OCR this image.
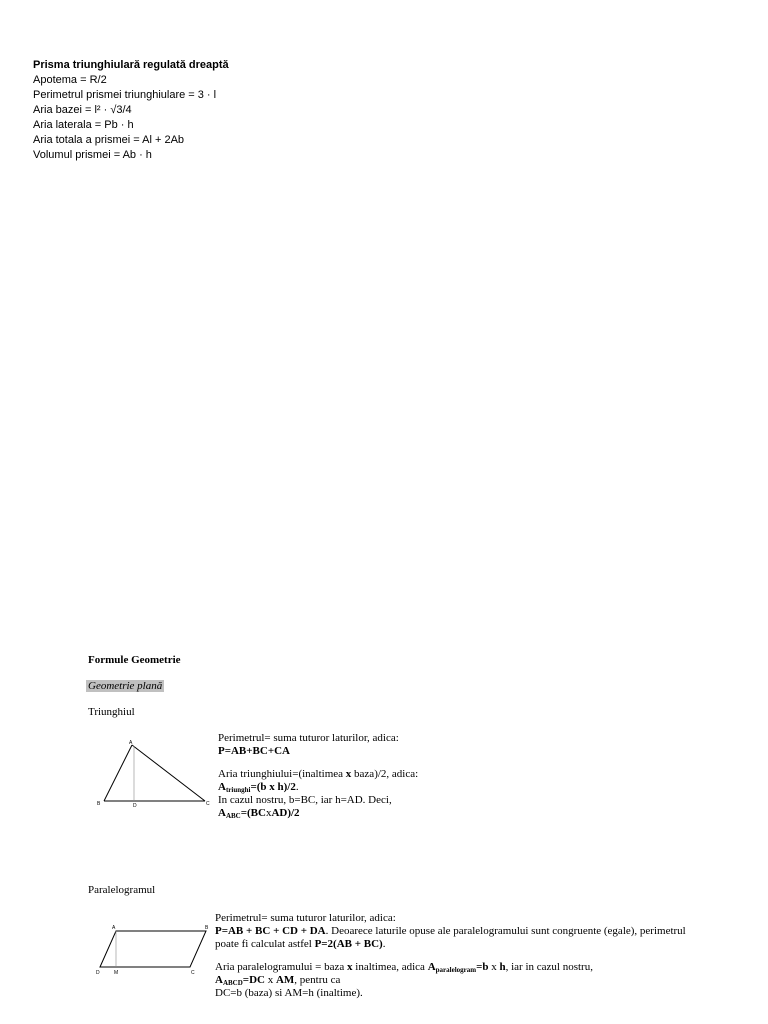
Prisma triunghiulară regulată dreaptă
Apotema = R/2
Perimetrul prismei triunghiulare = 3 · l
Aria bazei = l² · √3/4
Aria laterala = Pb · h
Aria totala a prismei = Al + 2Ab
Volumul prismei = Ab · h
Formule Geometrie
Geometrie plană
Triunghiul
A
B	D	C
Perimetrul= suma tuturor laturilor, adica:
P=AB+BC+CA
Aria triunghiului=(inaltimea x baza)/2, adica:
$A_{triunghi}=(b$ x h)/2.
In cazul nostru, b=BC, iar h=AD. Deci,
$A_{ABC}=(BCxAD)/2$
Paralelogramul
A	B
D	M	C
Perimetrul= suma tuturor laturilor, adica:
P=AB + BC + CD + DA. Deoarece laturile opuse ale paralelogramului sunt congruente (egale), perimetrul
poate fi calculat astfel P=2(AB + BC).
Aria paralelogramului = baza x inaltimea, adica $A_{paralelogram}=b$ x h, iar in cazul nostru,
$A_{ABCD}=DC$ x AM, pentru ca
DC=b (baza) si AM=h (inaltime).
